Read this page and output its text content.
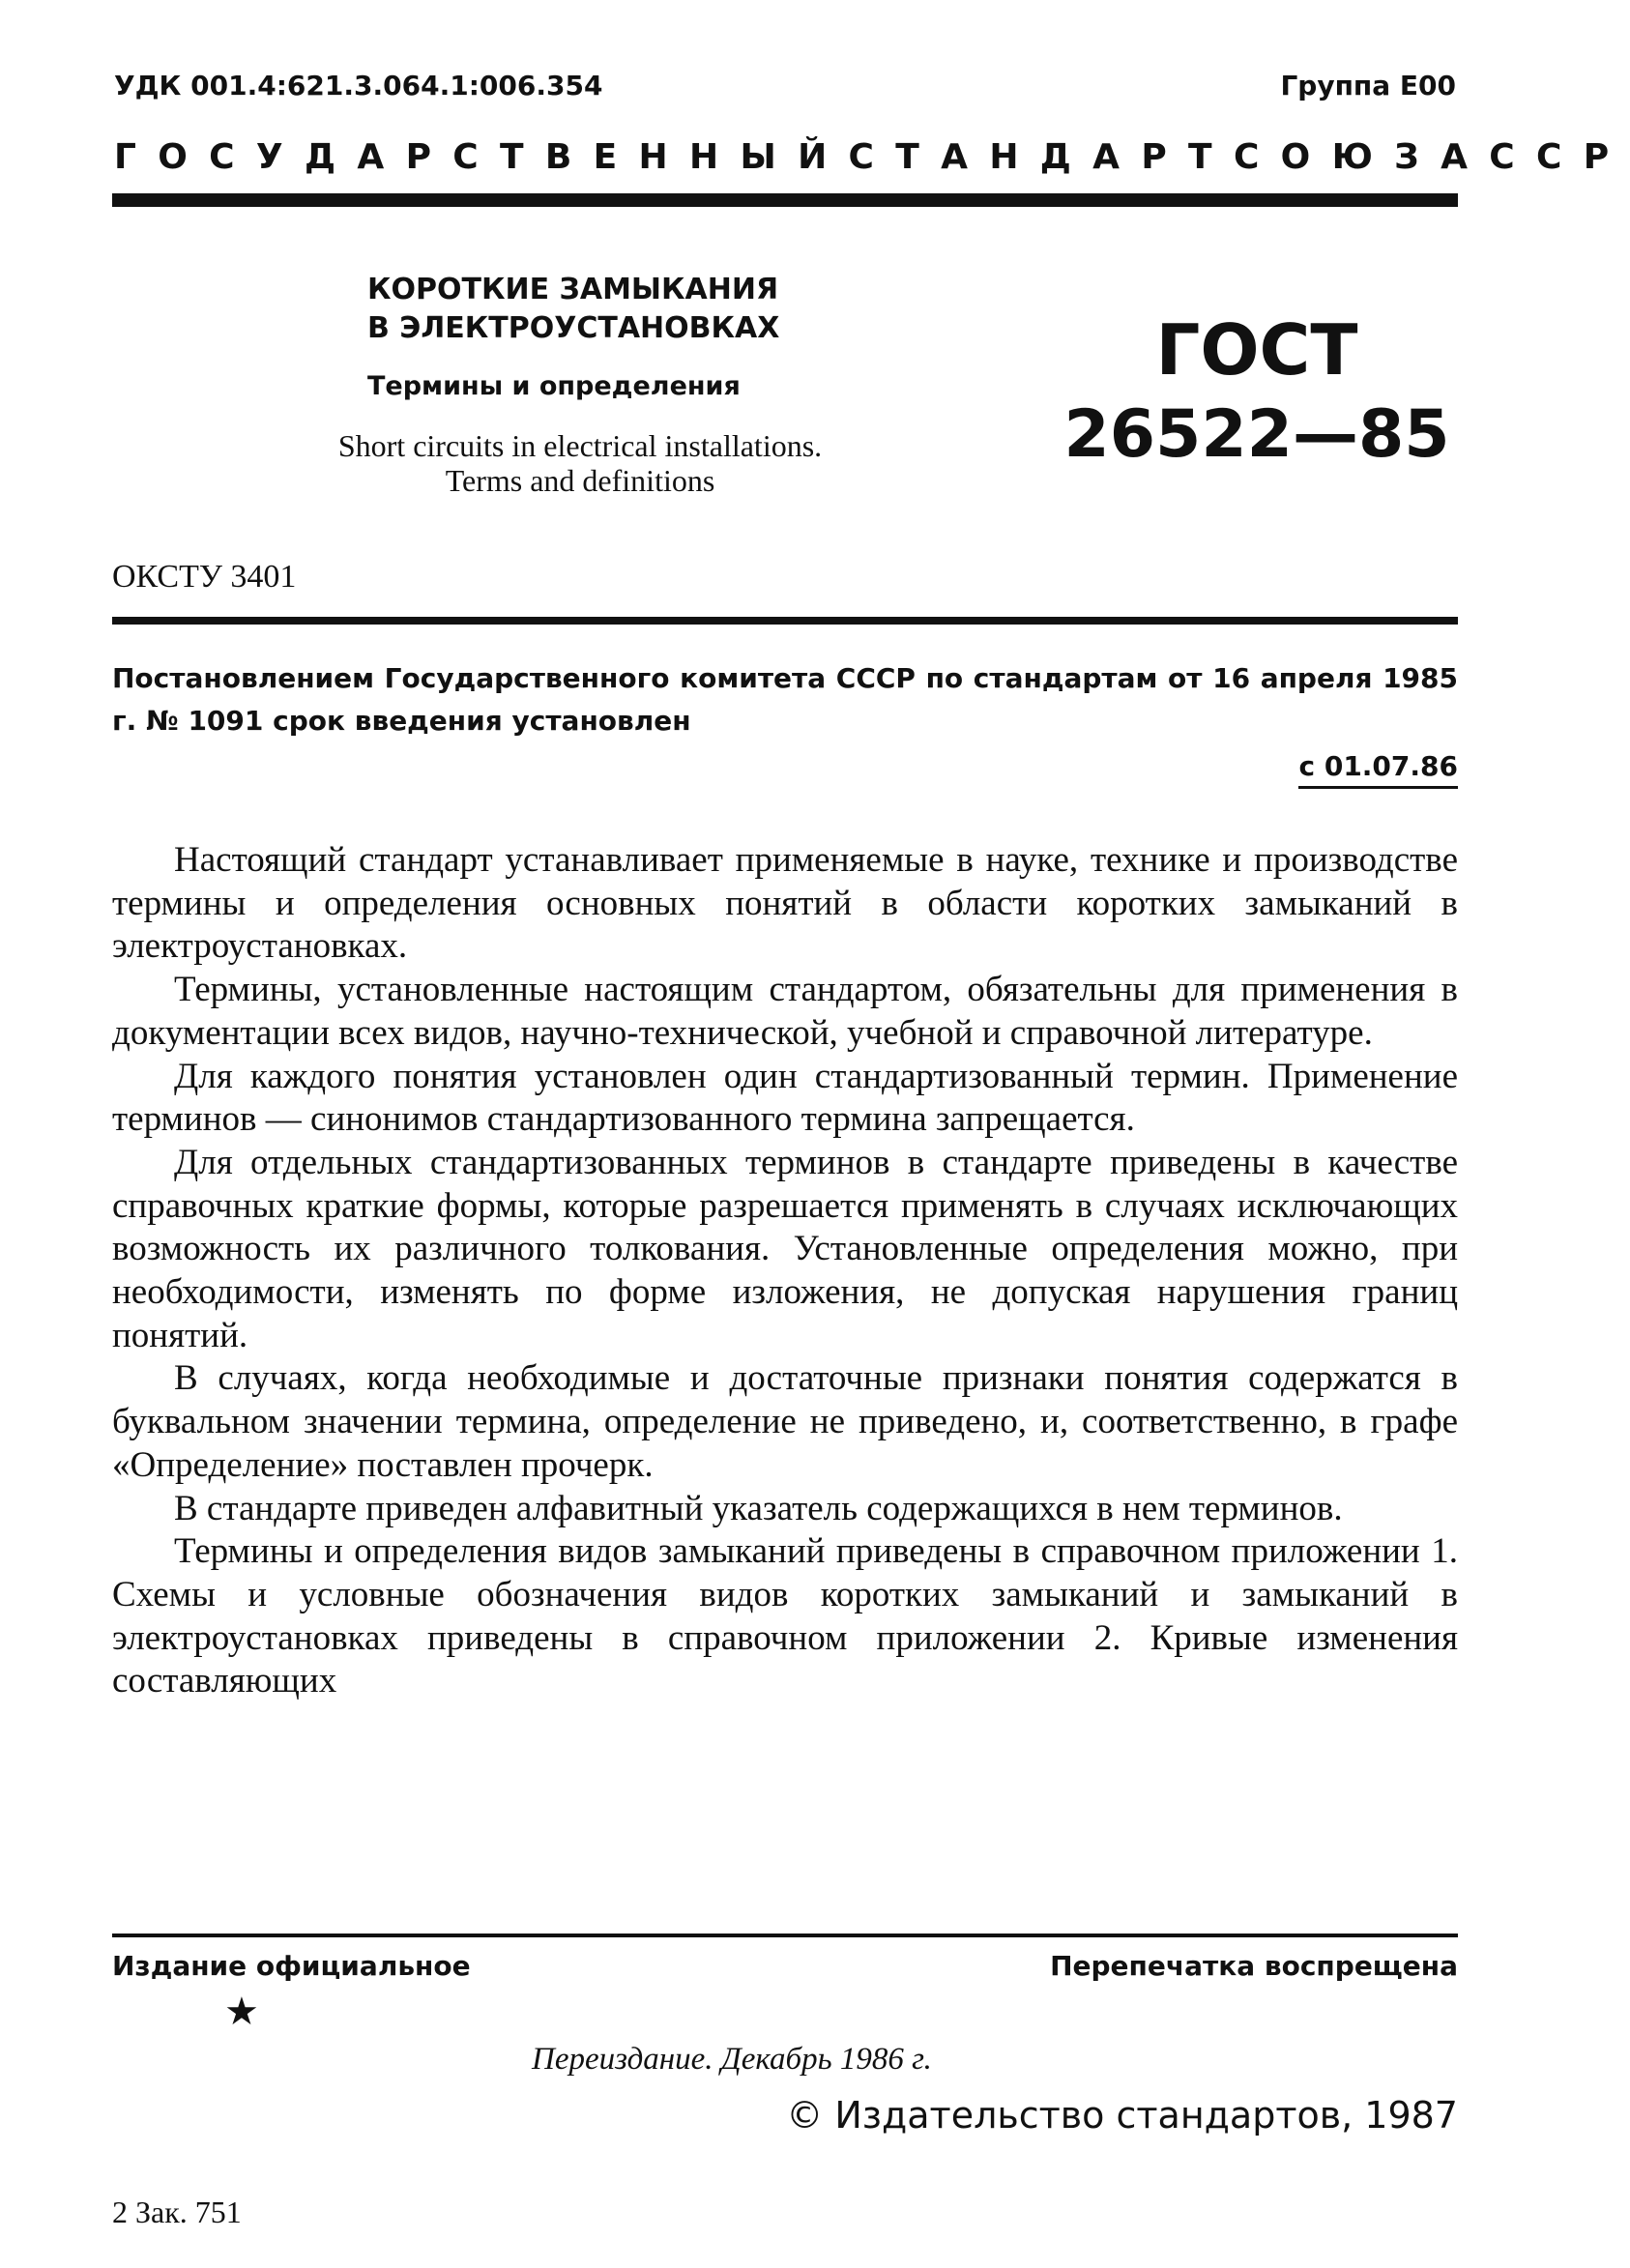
УДК 001.4:621.3.064.1:006.354	Группа Е00
ГОСУДАРСТВЕННЫЙ СТАНДАРТ СОЮЗА ССР
КОРОТКИЕ ЗАМЫКАНИЯ
В ЭЛЕКТРОУСТАНОВКАХ
Термины и определения
Short circuits in electrical installations.
Terms and definitions
ГОСТ
26522—85
ОКСТУ 3401
Постановлением Государственного комитета СССР по стандартам от 16 апреля 1985 г. № 1091 срок введения установлен
с 01.07.86

Настоящий стандарт устанавливает применяемые в науке, технике и производстве термины и определения основных понятий в области коротких замыканий в электроустановках.

Термины, установленные настоящим стандартом, обязательны для применения в документации всех видов, научно-технической, учебной и справочной литературе.

Для каждого понятия установлен один стандартизованный термин. Применение терминов — синонимов стандартизованного термина запрещается.

Для отдельных стандартизованных терминов в стандарте приведены в качестве справочных краткие формы, которые разрешается применять в случаях исключающих возможность их различного толкования. Установленные определения можно, при необходимости, изменять по форме изложения, не допуская нарушения границ понятий.

В случаях, когда необходимые и достаточные признаки понятия содержатся в буквальном значении термина, определение не приведено, и, соответственно, в графе «Определение» поставлен прочерк.

В стандарте приведен алфавитный указатель содержащихся в нем терминов.

Термины и определения видов замыканий приведены в справочном приложении 1. Схемы и условные обозначения видов коротких замыканий и замыканий в электроустановках приведены в справочном приложении 2. Кривые изменения составляющих

Издание официальное	Перепечатка воспрещена
★
Переиздание. Декабрь 1986 г.
© Издательство стандартов, 1987
2 Зак. 751
